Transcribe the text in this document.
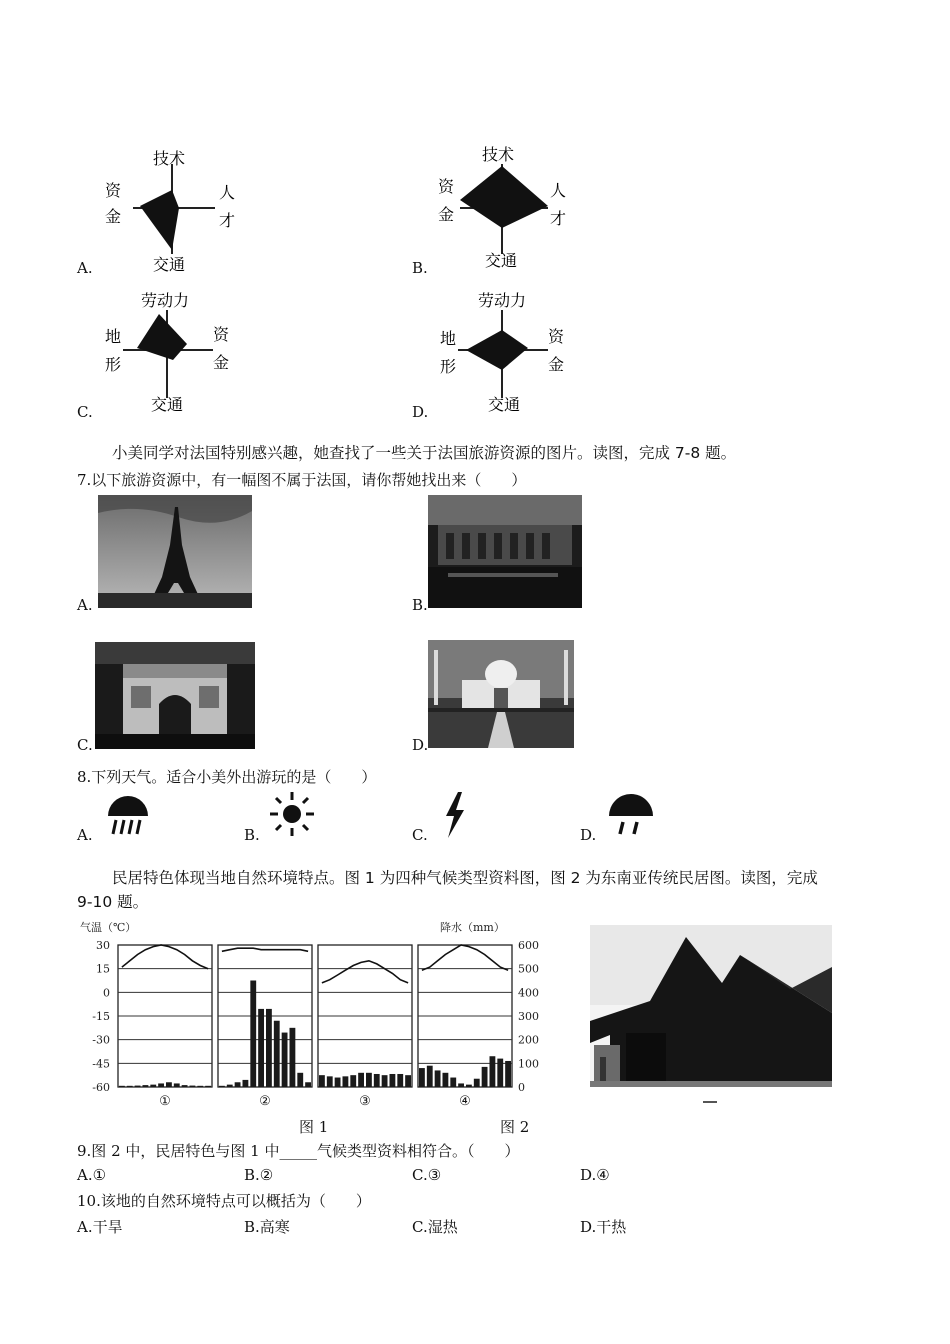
技术
资
金
人
才
交通
A.
技术
资
金
人
才
交通
B.
劳动力
地
形
资
金
交通
C.
劳动力
地
形
资
金
交通
D.
小美同学对法国特别感兴趣，她查找了一些关于法国旅游资源的图片。读图，完成 7-8 题。
7.以下旅游资源中，有一幅图不属于法国，请你帮她找出来（　　）
A.	B.
C.	D.
8.下列天气。适合小美外出游玩的是（　　）
A.	B.	C.	D.
民居特色体现当地自然环境特点。图 1 为四种气候类型资料图，图 2 为东南亚传统民居图。读图，完成
9-10 题。
气温（℃）	降水（mm）
30
15
0
-15
-30
-45
-60
600
500
400
300
200
100
0
①	②	③	④
图 1	图 2
9.图 2 中，民居特色与图 1 中_____气候类型资料相符合。（　　）
A.①	B.②	C.③	D.④
10.该地的自然环境特点可以概括为（　　）
A.干旱	B.高寒	C.湿热	D.干热
